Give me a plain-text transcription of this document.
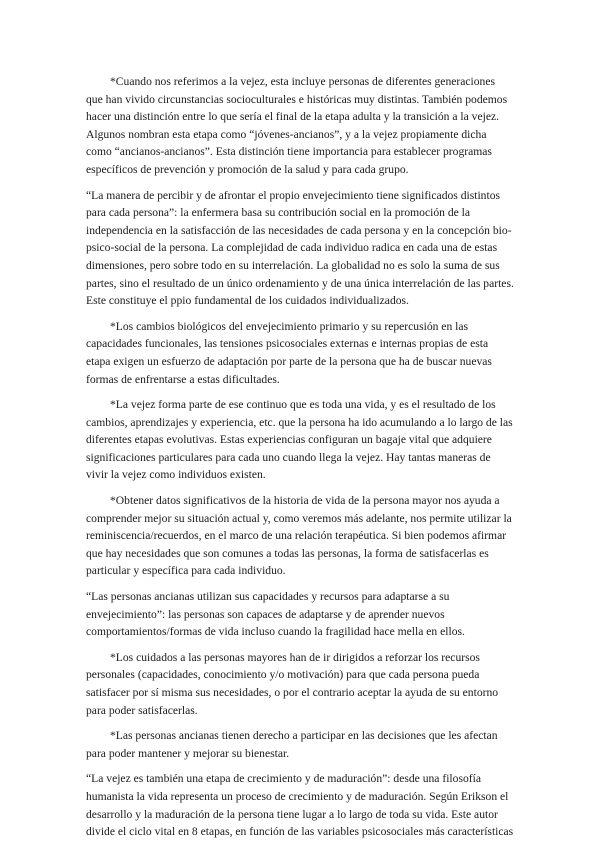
*Cuando nos referimos a la vejez, esta incluye personas de diferentes generaciones que han vivido circunstancias socioculturales e históricas muy distintas. También podemos hacer una distinción entre lo que sería el final de la etapa adulta y la transición a la vejez. Algunos nombran esta etapa como “jóvenes-ancianos”, y a la vejez propiamente dicha como “ancianos-ancianos”. Esta distinción tiene importancia para establecer programas específicos de prevención y promoción de la salud y para cada grupo.

“La manera de percibir y de afrontar el propio envejecimiento tiene significados distintos para cada persona”: la enfermera basa su contribución social en la promoción de la independencia en la satisfacción de las necesidades de cada persona y en la concepción bio-psico-social de la persona. La complejidad de cada individuo radica en cada una de estas dimensiones, pero sobre todo en su interrelación. La globalidad no es solo la suma de sus partes, sino el resultado de un único ordenamiento y de una única interrelación de las partes. Este constituye el ppio fundamental de los cuidados individualizados.

*Los cambios biológicos del envejecimiento primario y su repercusión en las capacidades funcionales, las tensiones psicosociales externas e internas propias de esta etapa exigen un esfuerzo de adaptación por parte de la persona que ha de buscar nuevas formas de enfrentarse a estas dificultades.

*La vejez forma parte de ese continuo que es toda una vida, y es el resultado de los cambios, aprendizajes y experiencia, etc. que la persona ha ido acumulando a lo largo de las diferentes etapas evolutivas. Estas experiencias configuran un bagaje vital que adquiere significaciones particulares para cada uno cuando llega la vejez. Hay tantas maneras de vivir la vejez como individuos existen.

*Obtener datos significativos de la historia de vida de la persona mayor nos ayuda a comprender mejor su situación actual y, como veremos más adelante, nos permite utilizar la reminiscencia/recuerdos, en el marco de una relación terapéutica. Si bien podemos afirmar que hay necesidades que son comunes a todas las personas, la forma de satisfacerlas es particular y específica para cada individuo.

“Las personas ancianas utilizan sus capacidades y recursos para adaptarse a su envejecimiento”: las personas son capaces de adaptarse y de aprender nuevos comportamientos/formas de vida incluso cuando la fragilidad hace mella en ellos.

*Los cuidados a las personas mayores han de ir dirigidos a reforzar los recursos personales (capacidades, conocimiento y/o motivación) para que cada persona pueda satisfacer por sí misma sus necesidades, o por el contrario aceptar la ayuda de su entorno para poder satisfacerlas.

*Las personas ancianas tienen derecho a participar en las decisiones que les afectan para poder mantener y mejorar su bienestar.

“La vejez es también una etapa de crecimiento y de maduración”: desde una filosofía humanista la vida representa un proceso de crecimiento y de maduración. Según Erikson el desarrollo y la maduración de la persona tiene lugar a lo largo de toda su vida. Este autor divide el ciclo vital en 8 etapas, en función de las variables psicosociales más características
